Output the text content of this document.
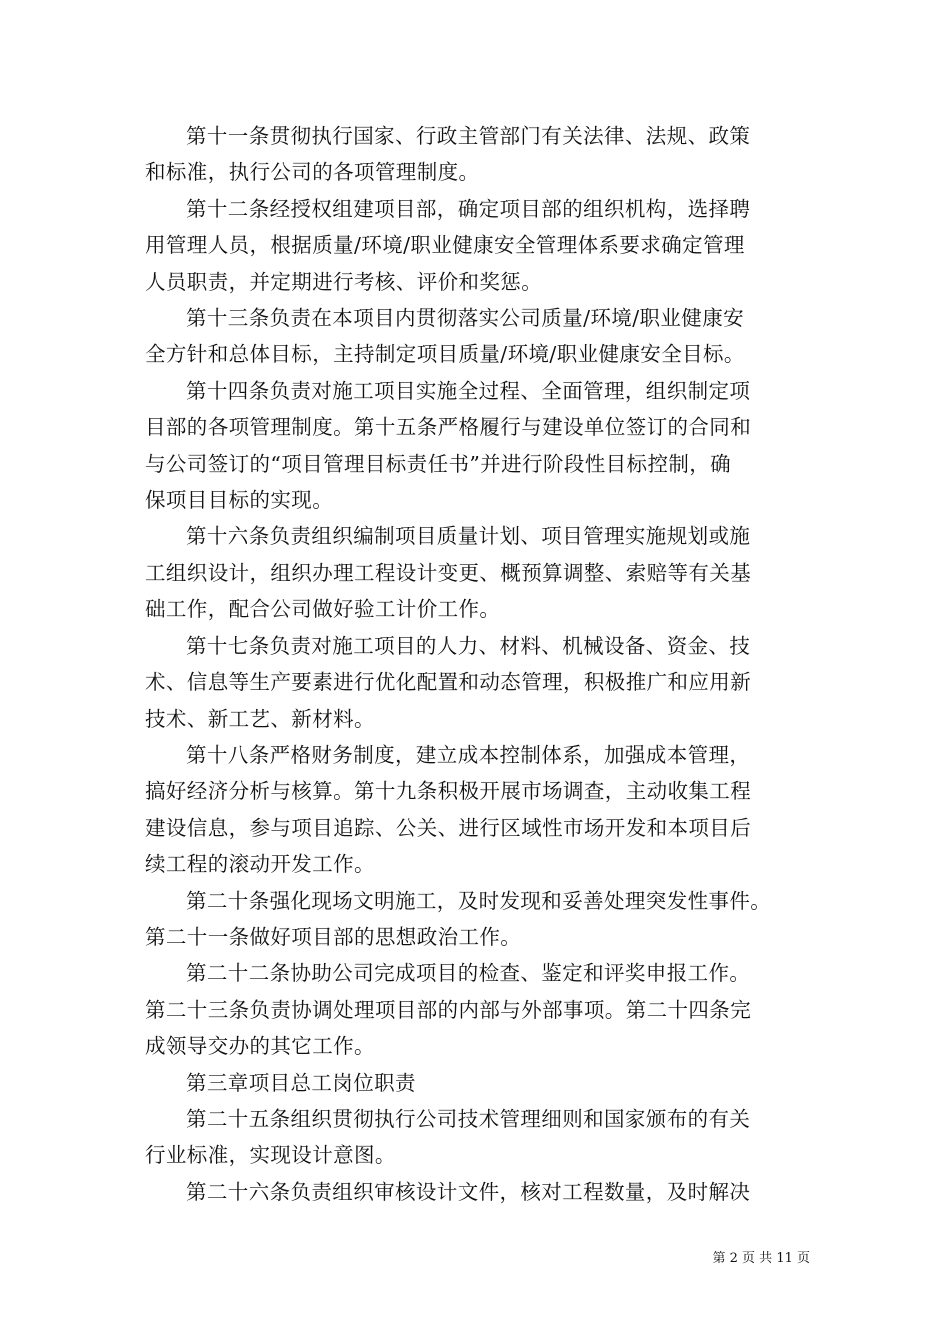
第十一条贯彻执行国家、行政主管部门有关法律、法规、政策
和标准，执行公司的各项管理制度。

第十二条经授权组建项目部，确定项目部的组织机构，选择聘
用管理人员，根据质量/环境/职业健康安全管理体系要求确定管理
人员职责，并定期进行考核、评价和奖惩。

第十三条负责在本项目内贯彻落实公司质量/环境/职业健康安
全方针和总体目标，主持制定项目质量/环境/职业健康安全目标。

第十四条负责对施工项目实施全过程、全面管理，组织制定项
目部的各项管理制度。第十五条严格履行与建设单位签订的合同和
与公司签订的“项目管理目标责任书”并进行阶段性目标控制，确
保项目目标的实现。

第十六条负责组织编制项目质量计划、项目管理实施规划或施
工组织设计，组织办理工程设计变更、概预算调整、索赔等有关基
础工作，配合公司做好验工计价工作。

第十七条负责对施工项目的人力、材料、机械设备、资金、技
术、信息等生产要素进行优化配置和动态管理，积极推广和应用新
技术、新工艺、新材料。

第十八条严格财务制度，建立成本控制体系，加强成本管理，
搞好经济分析与核算。第十九条积极开展市场调查，主动收集工程
建设信息，参与项目追踪、公关、进行区域性市场开发和本项目后
续工程的滚动开发工作。

第二十条强化现场文明施工，及时发现和妥善处理突发性事件。
第二十一条做好项目部的思想政治工作。

第二十二条协助公司完成项目的检查、鉴定和评奖申报工作。
第二十三条负责协调处理项目部的内部与外部事项。第二十四条完
成领导交办的其它工作。

第三章项目总工岗位职责

第二十五条组织贯彻执行公司技术管理细则和国家颁布的有关
行业标准，实现设计意图。

第二十六条负责组织审核设计文件，核对工程数量，及时解决

第 2 页 共 11 页
